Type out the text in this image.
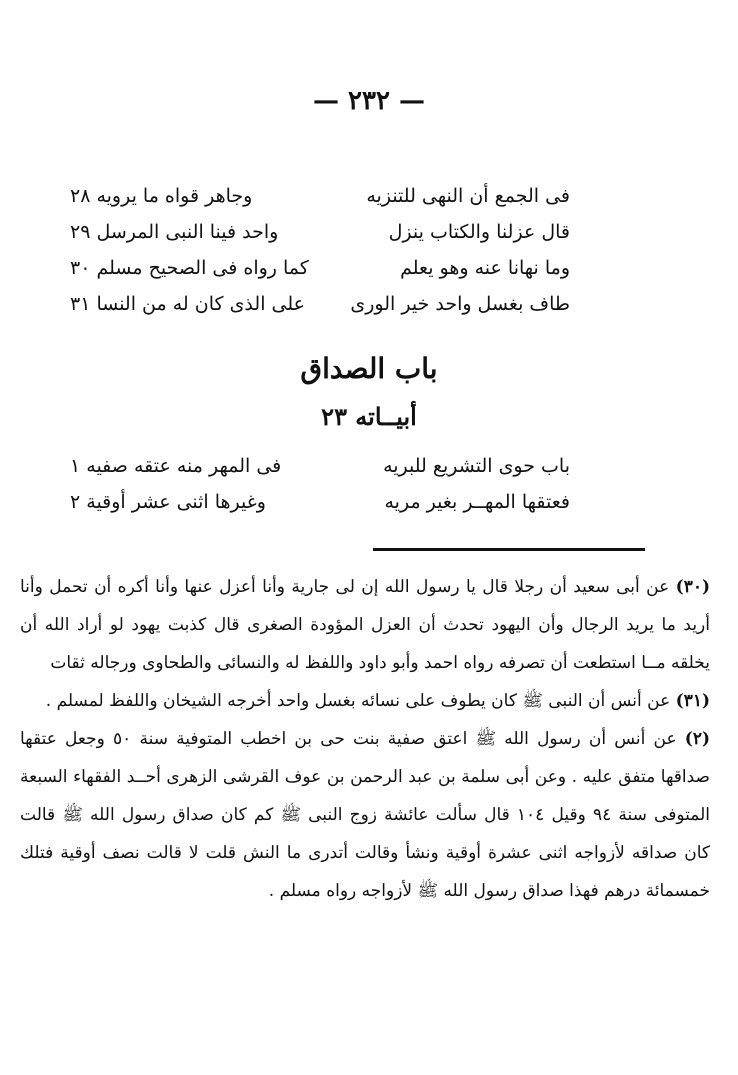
— ٢٣٢ —
فى الجمع أن النهى للتنزيه
وجاهر قواه ما يرويه ٢٨
قال عزلنا والكتاب ينزل
واحد فينا النبى المرسل ٢٩
وما نهانا عنه وهو يعلم
كما رواه فى الصحيح مسلم ٣٠
طاف بغسل واحد خير الورى
على الذى كان له من النسا ٣١
باب الصداق
أبيــاته ٢٣
باب حوى التشريع للبريه
فى المهر منه عتقه صفيه ١
فعتقها المهــر بغير مريه
وغيرها اثنى عشر أوقية ٢

(٣٠) عن أبى سعيد أن رجلا قال يا رسول الله إن لى جارية وأنا أعزل عنها وأنا أكره أن تحمل وأنا أريد ما يريد الرجال وأن اليهود تحدث أن العزل المؤودة الصغرى قال كذبت يهود لو أراد الله أن يخلقه مــا استطعت أن تصرفه رواه احمد وأبو داود واللفظ له والنسائى والطحاوى ورجاله ثقات

(٣١) عن أنس أن النبى ﷺ كان يطوف على نسائه بغسل واحد أخرجه الشيخان واللفظ لمسلم .

(٢) عن أنس أن رسول الله ﷺ اعتق صفية بنت حى بن اخطب المتوفية سنة ٥٠ وجعل عتقها صداقها متفق عليه . وعن أبى سلمة بن عبد الرحمن بن عوف القرشى الزهرى أحــد الفقهاء السبعة المتوفى سنة ٩٤ وقيل ١٠٤ قال سألت عائشة زوج النبى ﷺ كم كان صداق رسول الله ﷺ قالت كان صداقه لأزواجه اثنى عشرة أوقية ونشأ وقالت أتدرى ما النش قلت لا قالت نصف أوقية فتلك خمسمائة درهم فهذا صداق رسول الله ﷺ لأزواجه رواه مسلم .
